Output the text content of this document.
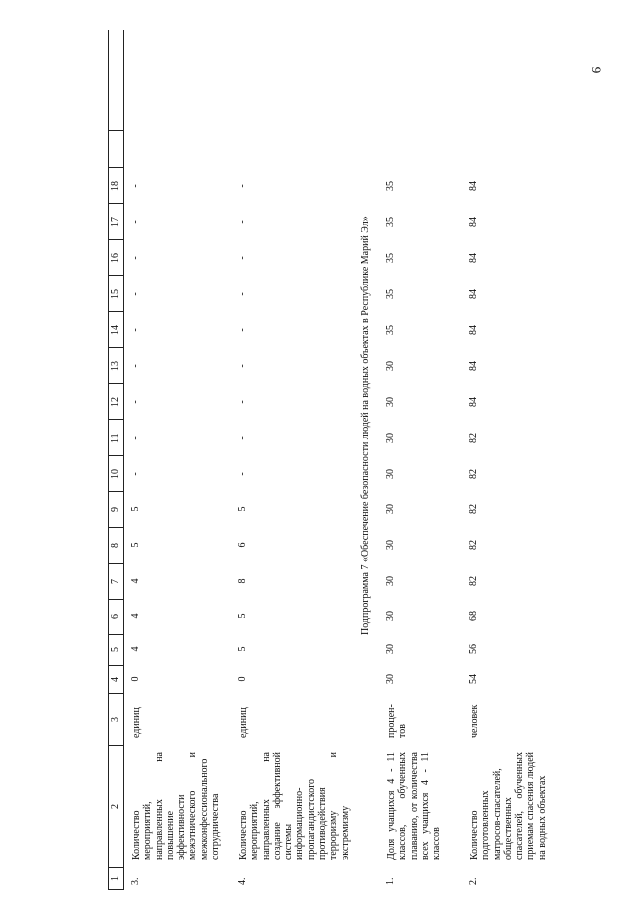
9
1
2
3
4
5
6
7
8
9
10
11
12
13
14
15
16
17
18
3.
Количество мероприятий, направленных на повышение эффективности межэтнического и межконфессионального сотрудничества
единиц
0
4
4
4
5
5
-
-
-
-
-
-
-
-
-
4.
Количество мероприятий, направленных на создание эффективной системы информационно-пропагандистского противодействия терроризму и экстремизму
единиц
0
5
5
8
6
5
-
-
-
-
-
-
-
-
-
Подпрограмма 7 «Обеспечение безопасности людей на водных объектах в Республике Марий Эл»
1.
Доля учащихся 4 - 11 классов, обученных плаванию, от количества всех учащихся 4 - 11 классов
процен-тов
30
30
30
30
30
30
30
30
30
30
35
35
35
35
35
2.
Количество подготовленных матросов-спасателей, общественных спасателей, обученных приемам спасения людей на водных объектах
человек
54
56
68
82
82
82
82
82
84
84
84
84
84
84
84
